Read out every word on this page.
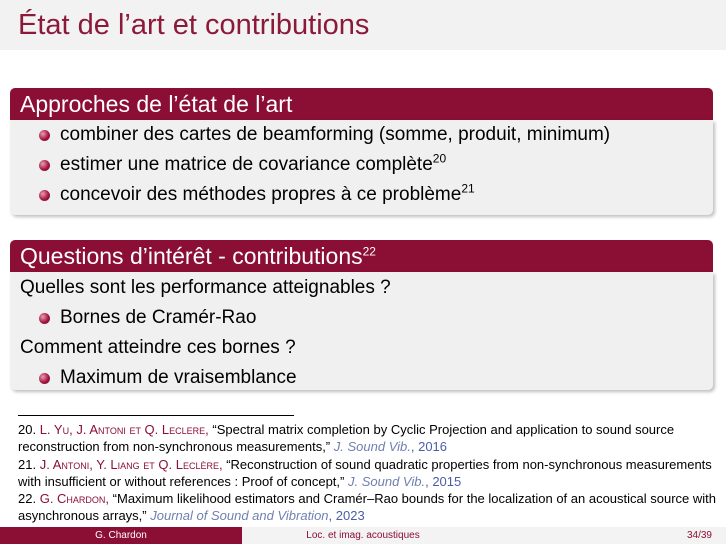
État de l’art et contributions
Approches de l’état de l’art
combiner des cartes de beamforming (somme, produit, minimum)
estimer une matrice de covariance complète$^{20}$
concevoir des méthodes propres à ce problème$^{21}$
Questions d’intérêt - contributions$^{22}$
Quelles sont les performance atteignables ?
Bornes de Cramér-Rao
Comment atteindre ces bornes ?
Maximum de vraisemblance
20. L. Yu, J. Antoni et Q. Leclere, “Spectral matrix completion by Cyclic Projection and application to sound source reconstruction from non-synchronous measurements,” J. Sound Vib., 2016
21. J. Antoni, Y. Liang et Q. Leclère, “Reconstruction of sound quadratic properties from non-synchronous measurements with insufficient or without references : Proof of concept,” J. Sound Vib., 2015
22. G. Chardon, “Maximum likelihood estimators and Cramér–Rao bounds for the localization of an acoustical source with asynchronous arrays,” Journal of Sound and Vibration, 2023
G. Chardon	Loc. et imag. acoustiques	34/39
